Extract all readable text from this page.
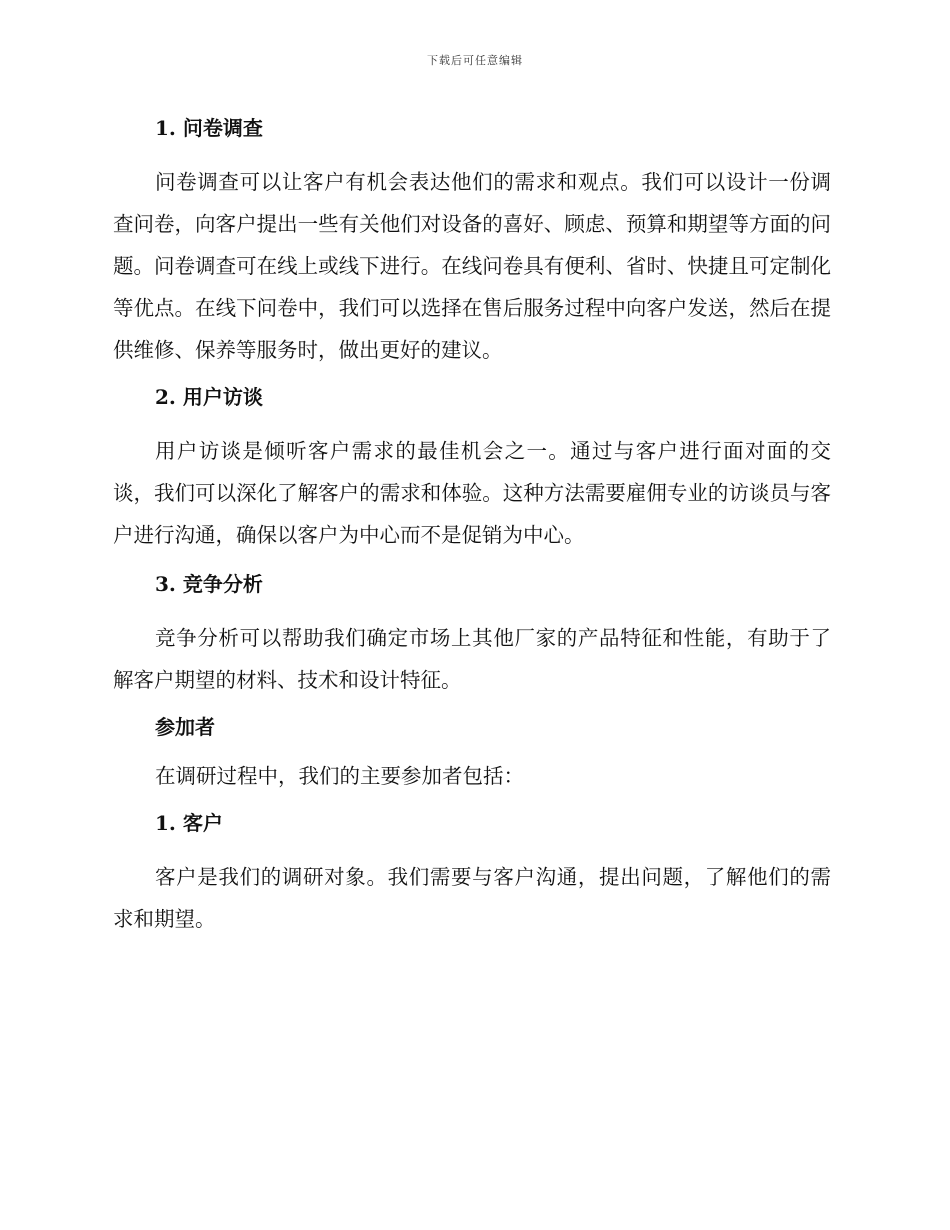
下载后可任意编辑
1. 问卷调查

问卷调查可以让客户有机会表达他们的需求和观点。我们可以设计一份调查问卷，向客户提出一些有关他们对设备的喜好、顾虑、预算和期望等方面的问题。问卷调查可在线上或线下进行。在线问卷具有便利、省时、快捷且可定制化等优点。在线下问卷中，我们可以选择在售后服务过程中向客户发送，然后在提供维修、保养等服务时，做出更好的建议。

2. 用户访谈

用户访谈是倾听客户需求的最佳机会之一。通过与客户进行面对面的交谈，我们可以深化了解客户的需求和体验。这种方法需要雇佣专业的访谈员与客户进行沟通，确保以客户为中心而不是促销为中心。

3. 竞争分析

竞争分析可以帮助我们确定市场上其他厂家的产品特征和性能，有助于了解客户期望的材料、技术和设计特征。

参加者

在调研过程中，我们的主要参加者包括：

1. 客户

客户是我们的调研对象。我们需要与客户沟通，提出问题，了解他们的需求和期望。
